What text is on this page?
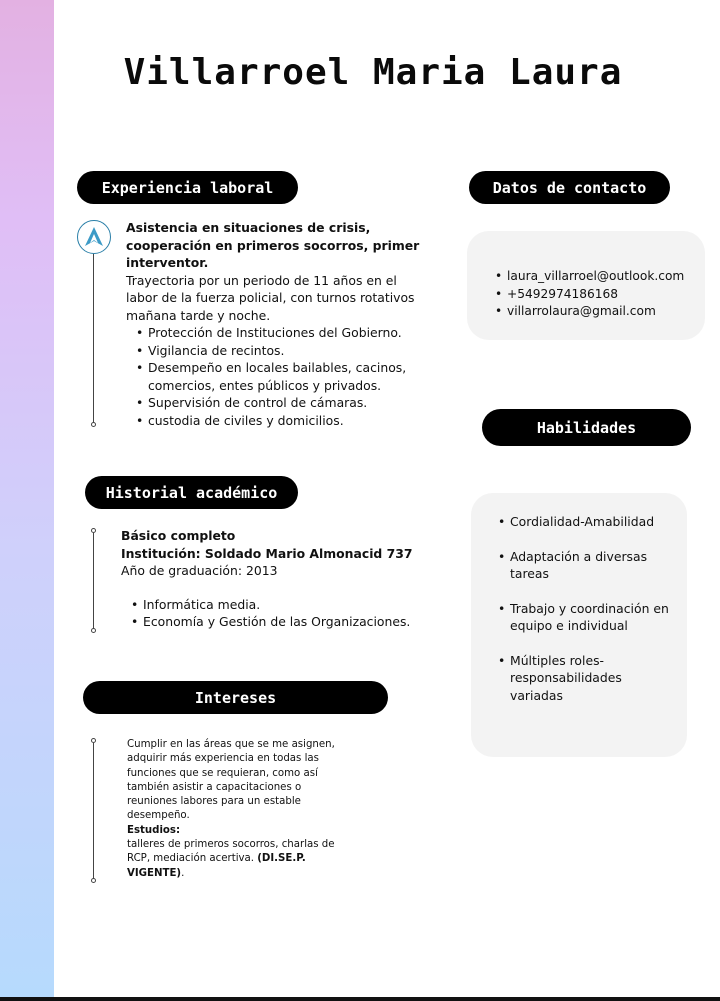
Villarroel Maria Laura
Experiencia laboral

Asistencia en situaciones de crisis, cooperación en primeros socorros, primer interventor.

Trayectoria por un periodo de 11 años en el labor de la fuerza policial, con turnos rotativos mañana tarde y noche.

• Protección de Instituciones del Gobierno.
• Vigilancia de recintos.
• Desempeño en locales bailables, cacinos, comercios, entes públicos y privados.
• Supervisión de control de cámaras.
• custodia de civiles y domicilios.
Historial académico

Básico completo

Institución: Soldado Mario Almonacid 737

Año de graduación: 2013

• Informática media.
• Economía y Gestión de las Organizaciones.
Intereses

Cumplir en las áreas que se me asignen, adquirir más experiencia en todas las funciones que se requieran, como así también asistir a capacitaciones o reuniones labores para un estable desempeño.

Estudios:

talleres de primeros socorros, charlas de RCP, mediación acertiva. (DI.SE.P. VIGENTE).

Datos de contacto
• laura_villarroel@outlook.com
• +5492974186168
• villarrolaura@gmail.com
Habilidades
• Cordialidad-Amabilidad
• Adaptación a diversas tareas
• Trabajo y coordinación en equipo e individual
• Múltiples roles- responsabilidades variadas
